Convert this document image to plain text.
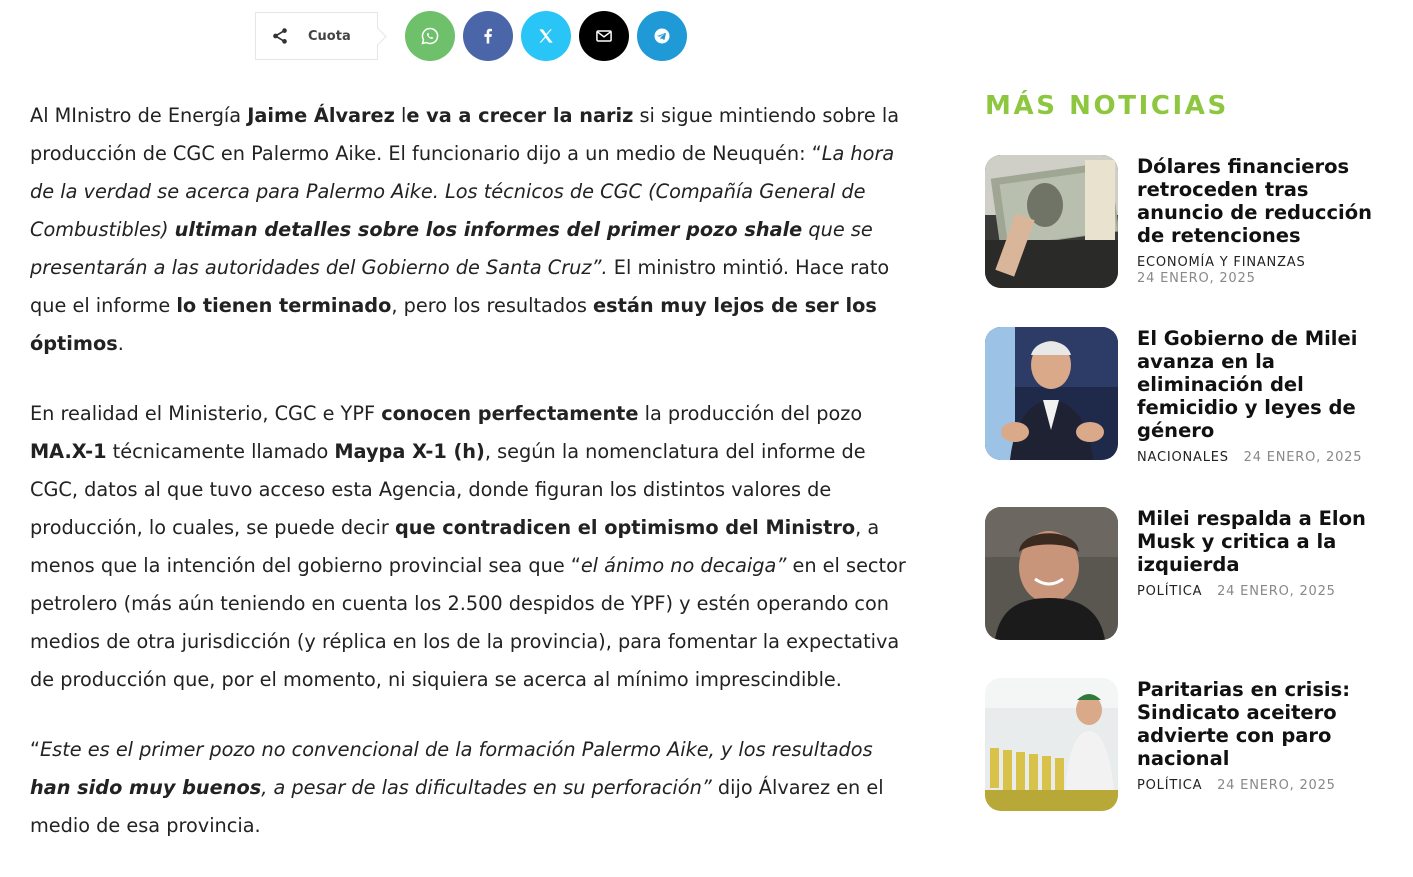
Cuota

Al MInistro de Energía Jaime Álvarez le va a crecer la nariz si sigue mintiendo sobre la producción de CGC en Palermo Aike. El funcionario dijo a un medio de Neuquén: “La hora de la verdad se acerca para Palermo Aike. Los técnicos de CGC (Compañía General de Combustibles) ultiman detalles sobre los informes del primer pozo shale que se presentarán a las autoridades del Gobierno de Santa Cruz”. El ministro mintió. Hace rato que el informe lo tienen terminado, pero los resultados están muy lejos de ser los óptimos.

En realidad el Ministerio, CGC e YPF conocen perfectamente la producción del pozo MA.X-1 técnicamente llamado Maypa X-1 (h), según la nomenclatura del informe de CGC, datos al que tuvo acceso esta Agencia, donde figuran los distintos valores de producción, lo cuales, se puede decir que contradicen el optimismo del Ministro, a menos que la intención del gobierno provincial sea que “el ánimo no decaiga” en el sector petrolero (más aún teniendo en cuenta los 2.500 despidos de YPF) y estén operando con medios de otra jurisdicción (y réplica en los de la provincia), para fomentar la expectativa de producción que, por el momento, ni siquiera se acerca al mínimo imprescindible.

“Este es el primer pozo no convencional de la formación Palermo Aike, y los resultados han sido muy buenos, a pesar de las dificultades en su perforación” dijo Álvarez en el medio de esa provincia.

MÁS NOTICIAS

Dólares financieros retroceden tras anuncio de reducción de retenciones

ECONOMÍA Y FINANZAS
24 ENERO, 2025

El Gobierno de Milei avanza en la eliminación del femicidio y leyes de género

NACIONALES 24 ENERO, 2025

Milei respalda a Elon Musk y critica a la izquierda

POLÍTICA 24 ENERO, 2025

Paritarias en crisis: Sindicato aceitero advierte con paro nacional

POLÍTICA 24 ENERO, 2025
